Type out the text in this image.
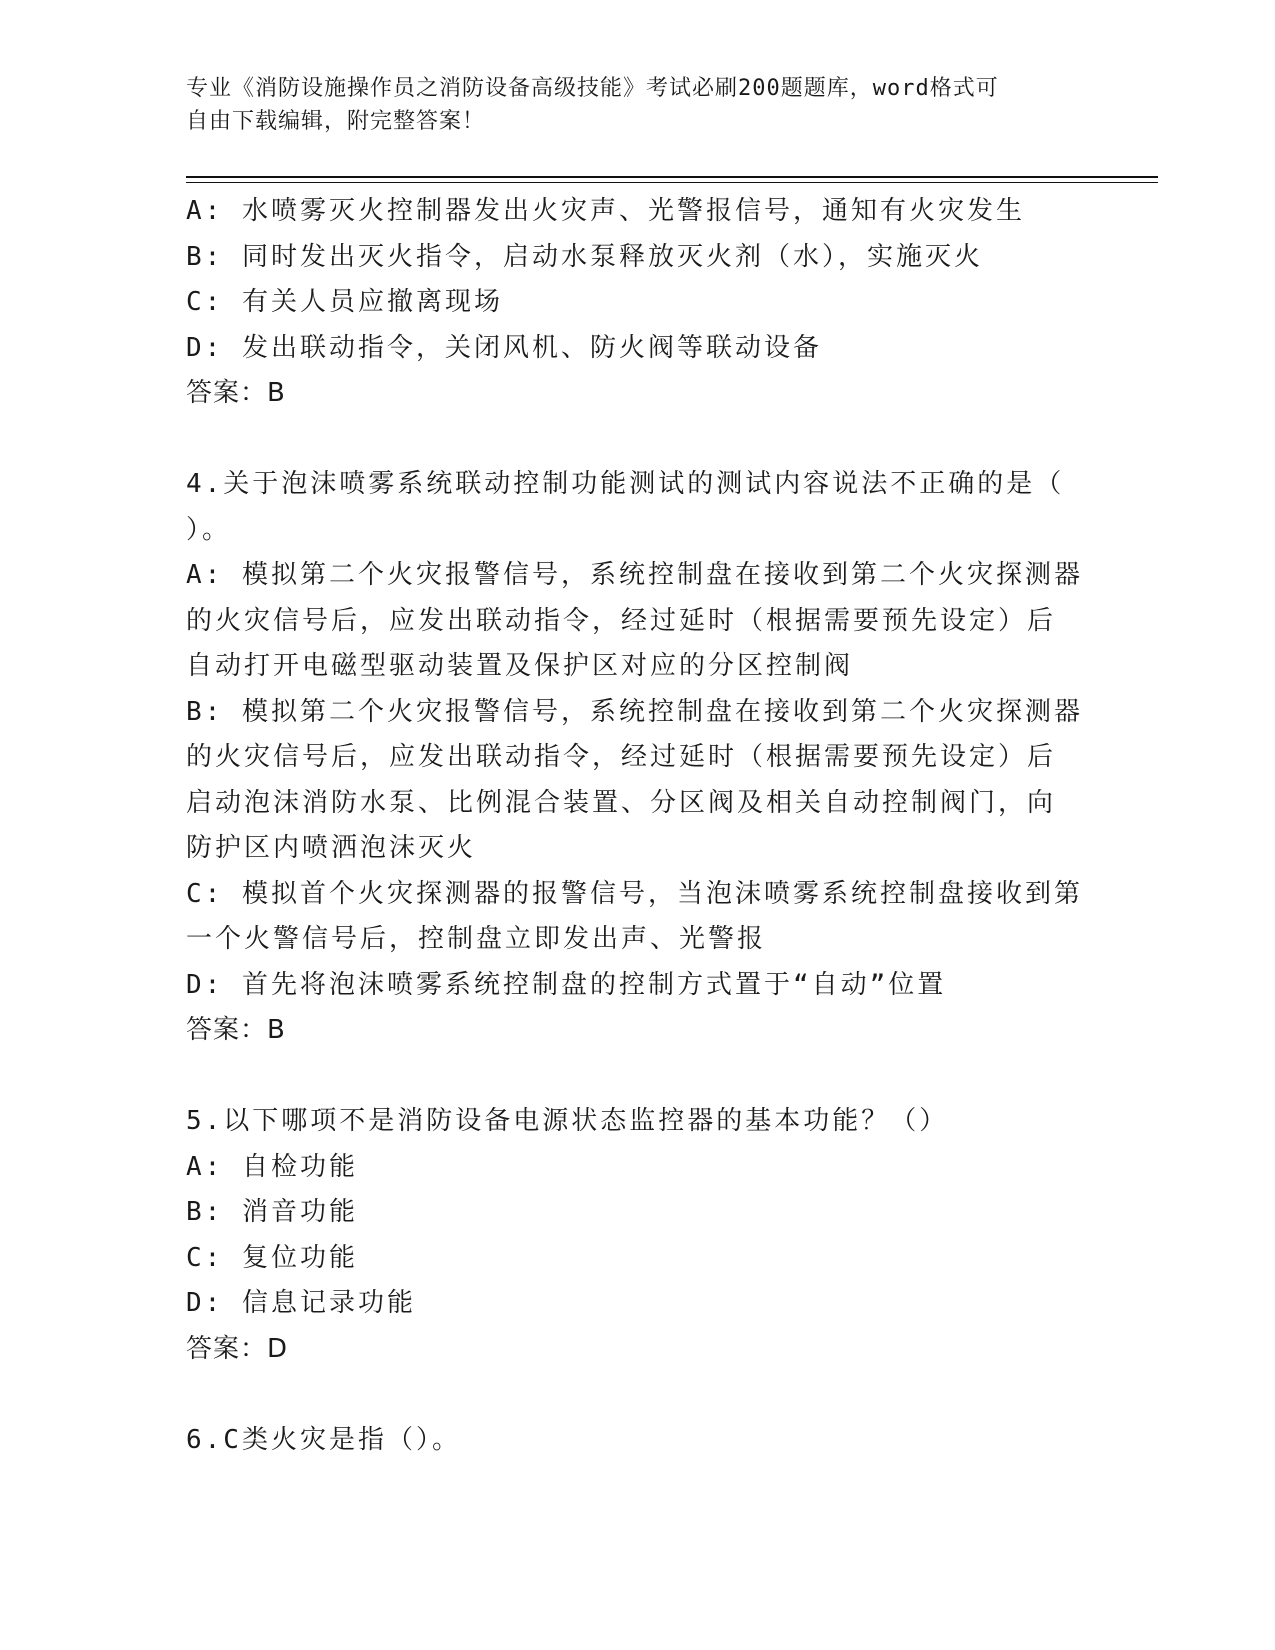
专业《消防设施操作员之消防设备高级技能》考试必刷200题题库，word格式可
自由下载编辑，附完整答案！
A: 水喷雾灭火控制器发出火灾声、光警报信号，通知有火灾发生
B: 同时发出灭火指令，启动水泵释放灭火剂（水），实施灭火
C: 有关人员应撤离现场
D: 发出联动指令，关闭风机、防火阀等联动设备
答案：B
4.关于泡沫喷雾系统联动控制功能测试的测试内容说法不正确的是（
）。
A: 模拟第二个火灾报警信号，系统控制盘在接收到第二个火灾探测器
的火灾信号后，应发出联动指令，经过延时（根据需要预先设定）后
自动打开电磁型驱动装置及保护区对应的分区控制阀
B: 模拟第二个火灾报警信号，系统控制盘在接收到第二个火灾探测器
的火灾信号后，应发出联动指令，经过延时（根据需要预先设定）后
启动泡沫消防水泵、比例混合装置、分区阀及相关自动控制阀门，向
防护区内喷洒泡沫灭火
C: 模拟首个火灾探测器的报警信号，当泡沫喷雾系统控制盘接收到第
一个火警信号后，控制盘立即发出声、光警报
D: 首先将泡沫喷雾系统控制盘的控制方式置于“自动”位置
答案：B
5.以下哪项不是消防设备电源状态监控器的基本功能？（）
A: 自检功能
B: 消音功能
C: 复位功能
D: 信息记录功能
答案：D
6.C类火灾是指（）。
